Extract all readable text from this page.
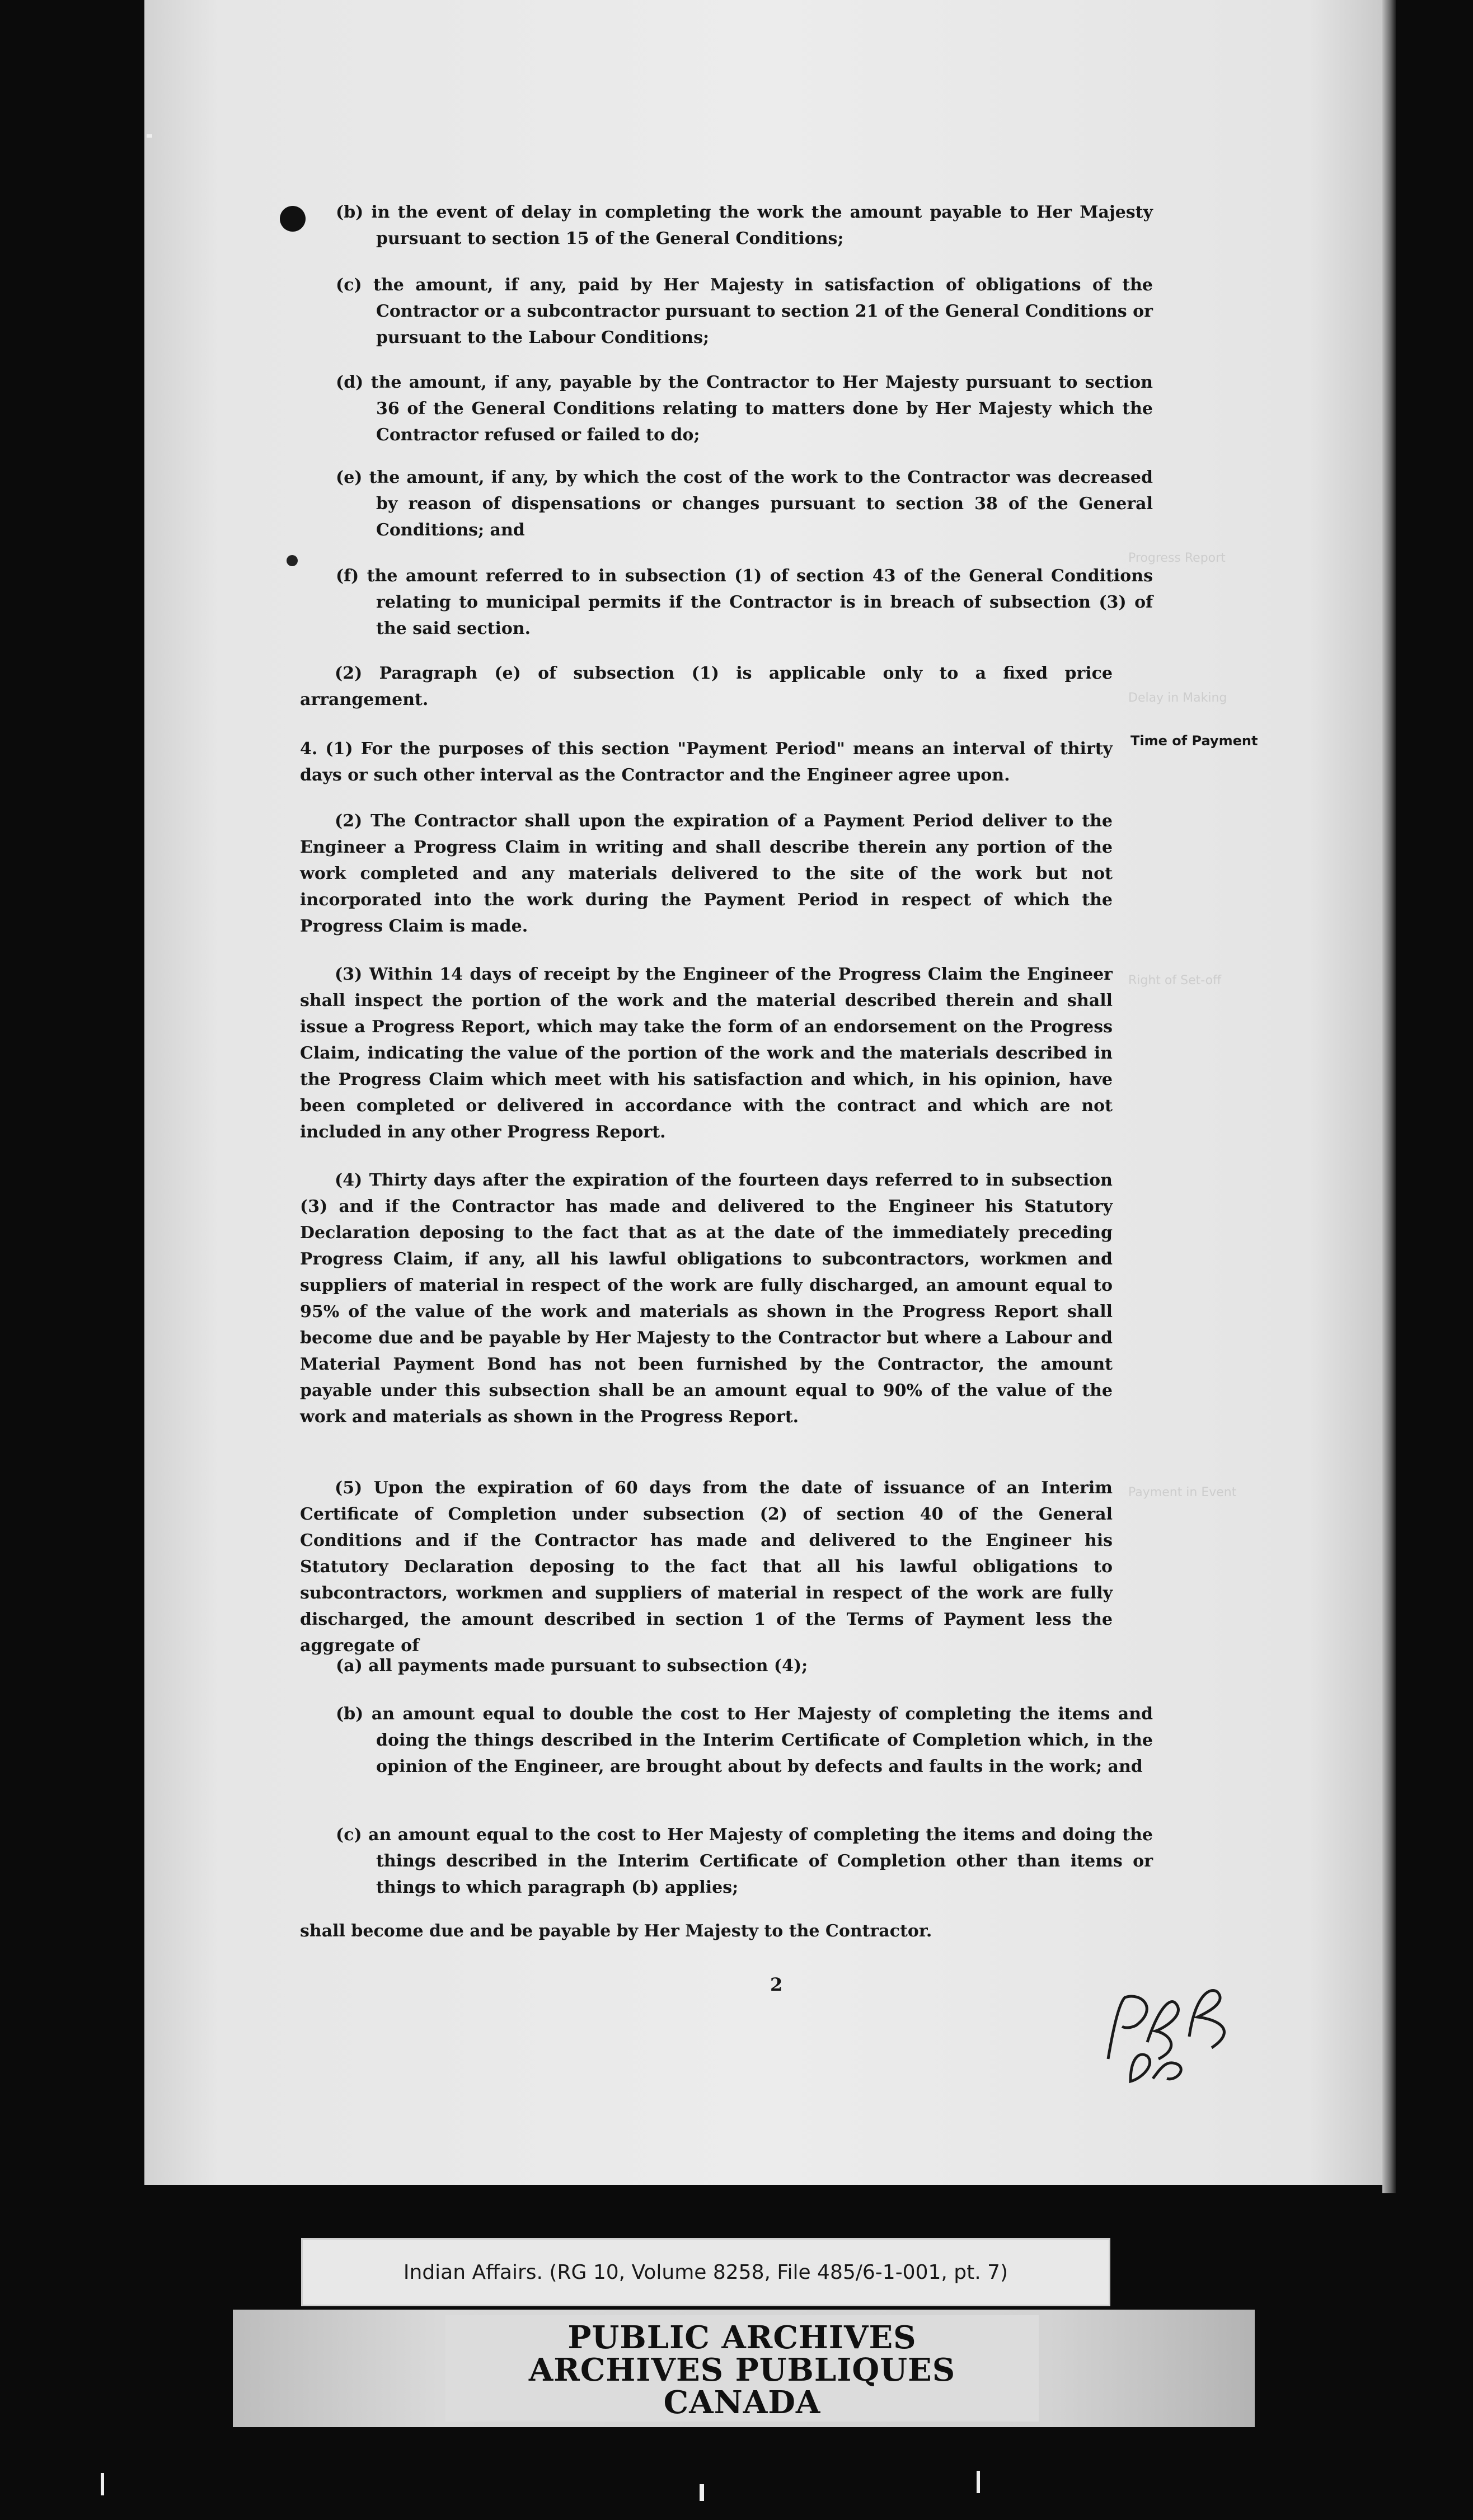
Progress Report
Delay in Making
Right of Set-off
Payment in Event

(b) in the event of delay in completing the work the amount payable to Her Majesty pursuant to section 15 of the General Conditions;

(c) the amount, if any, paid by Her Majesty in satisfaction of obligations of the Contractor or a subcontractor pursuant to section 21 of the General Conditions or pursuant to the Labour Conditions;

(d) the amount, if any, payable by the Contractor to Her Majesty pursuant to section 36 of the General Conditions relating to matters done by Her Majesty which the Contractor refused or failed to do;

(e) the amount, if any, by which the cost of the work to the Contractor was decreased by reason of dispensations or changes pursuant to section 38 of the General Conditions; and

(f) the amount referred to in subsection (1) of section 43 of the General Conditions relating to municipal permits if the Contractor is in breach of subsection (3) of the said section.

(2) Paragraph (e) of subsection (1) is applicable only to a fixed price arrangement.

4. (1) For the purposes of this section "Payment Period" means an interval of thirty days or such other interval as the Contractor and the Engineer agree upon.

Time of Payment

(2) The Contractor shall upon the expiration of a Payment Period deliver to the Engineer a Progress Claim in writing and shall describe therein any portion of the work completed and any materials delivered to the site of the work but not incorporated into the work during the Payment Period in respect of which the Progress Claim is made.

(3) Within 14 days of receipt by the Engineer of the Progress Claim the Engineer shall inspect the portion of the work and the material described therein and shall issue a Progress Report, which may take the form of an endorsement on the Progress Claim, indicating the value of the portion of the work and the materials described in the Progress Claim which meet with his satisfaction and which, in his opinion, have been completed or delivered in accordance with the contract and which are not included in any other Progress Report.

(4) Thirty days after the expiration of the fourteen days referred to in subsection (3) and if the Contractor has made and delivered to the Engineer his Statutory Declaration deposing to the fact that as at the date of the immediately preceding Progress Claim, if any, all his lawful obligations to subcontractors, workmen and suppliers of material in respect of the work are fully discharged, an amount equal to 95% of the value of the work and materials as shown in the Progress Report shall become due and be payable by Her Majesty to the Contractor but where a Labour and Material Payment Bond has not been furnished by the Contractor, the amount payable under this subsection shall be an amount equal to 90% of the value of the work and materials as shown in the Progress Report.

(5) Upon the expiration of 60 days from the date of issuance of an Interim Certificate of Completion under subsection (2) of section 40 of the General Conditions and if the Contractor has made and delivered to the Engineer his Statutory Declaration deposing to the fact that all his lawful obligations to subcontractors, workmen and suppliers of material in respect of the work are fully discharged, the amount described in section 1 of the Terms of Payment less the aggregate of

(a) all payments made pursuant to subsection (4);

(b) an amount equal to double the cost to Her Majesty of completing the items and doing the things described in the Interim Certificate of Completion which, in the opinion of the Engineer, are brought about by defects and faults in the work; and

(c) an amount equal to the cost to Her Majesty of completing the items and doing the things described in the Interim Certificate of Completion other than items or things to which paragraph (b) applies;

shall become due and be payable by Her Majesty to the Contractor.

2
Indian Affairs. (RG 10, Volume 8258, File 485/6-1-001, pt. 7)
PUBLIC ARCHIVES
ARCHIVES PUBLIQUES
CANADA
